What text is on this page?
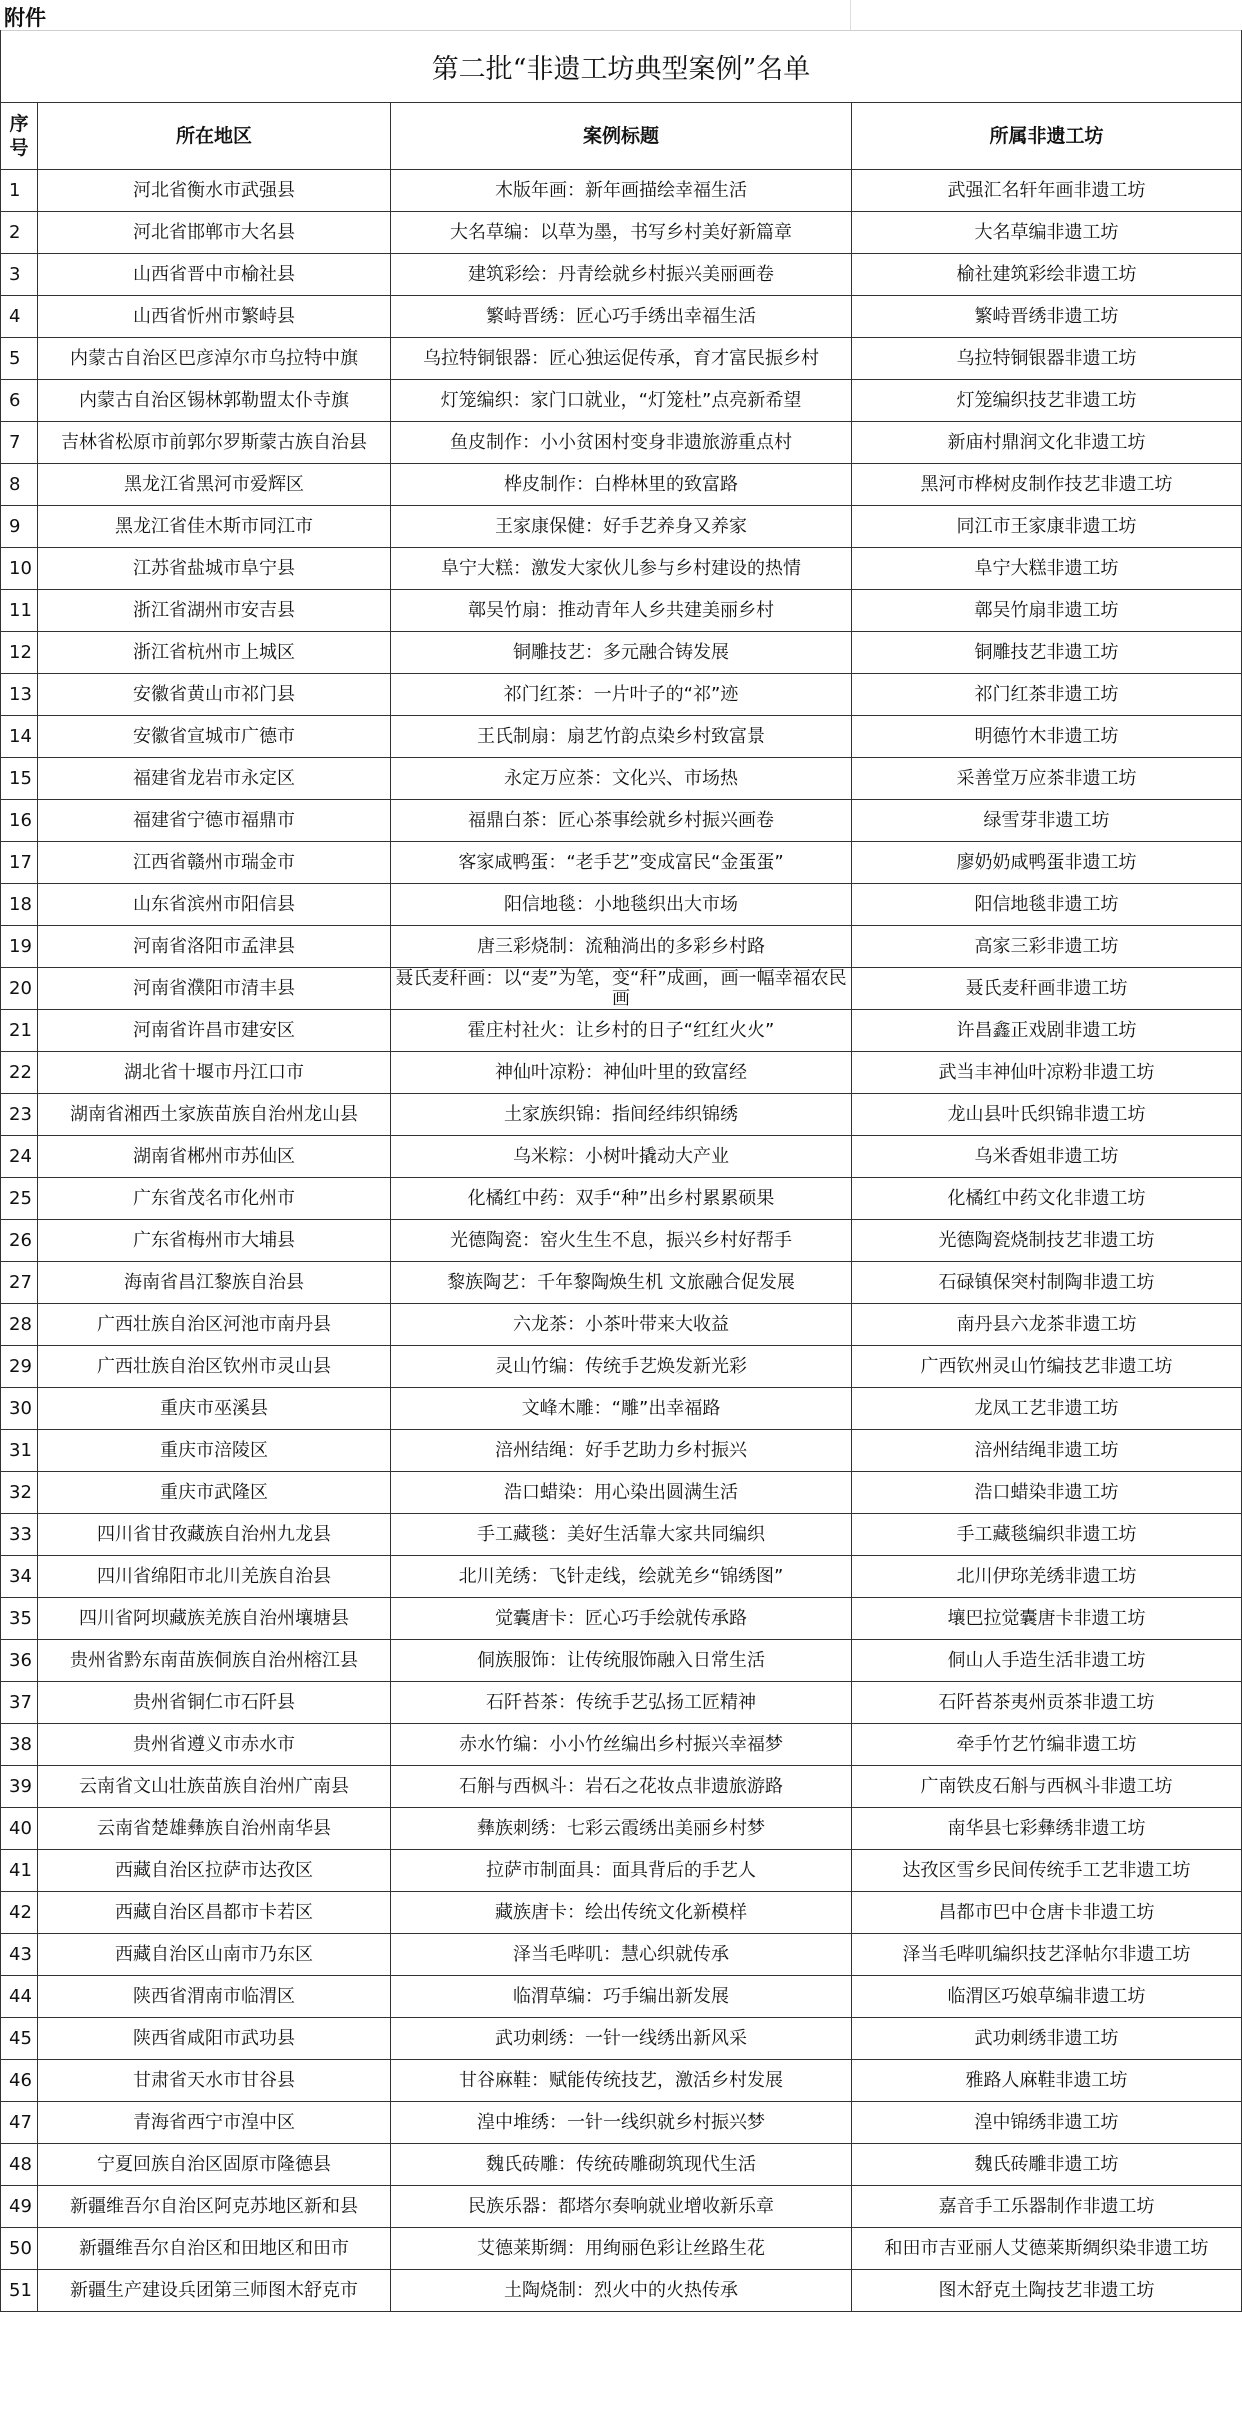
附件
第二批“非遗工坊典型案例”名单
序号	所在地区	案例标题	所属非遗工坊
1	河北省衡水市武强县	木版年画：新年画描绘幸福生活	武强汇名轩年画非遗工坊
2	河北省邯郸市大名县	大名草编：以草为墨，书写乡村美好新篇章	大名草编非遗工坊
3	山西省晋中市榆社县	建筑彩绘：丹青绘就乡村振兴美丽画卷	榆社建筑彩绘非遗工坊
4	山西省忻州市繁峙县	繁峙晋绣：匠心巧手绣出幸福生活	繁峙晋绣非遗工坊
5	内蒙古自治区巴彦淖尔市乌拉特中旗	乌拉特铜银器：匠心独运促传承，育才富民振乡村	乌拉特铜银器非遗工坊
6	内蒙古自治区锡林郭勒盟太仆寺旗	灯笼编织：家门口就业，“灯笼杜”点亮新希望	灯笼编织技艺非遗工坊
7	吉林省松原市前郭尔罗斯蒙古族自治县	鱼皮制作：小小贫困村变身非遗旅游重点村	新庙村鼎润文化非遗工坊
8	黑龙江省黑河市爱辉区	桦皮制作：白桦林里的致富路	黑河市桦树皮制作技艺非遗工坊
9	黑龙江省佳木斯市同江市	王家康保健：好手艺养身又养家	同江市王家康非遗工坊
10	江苏省盐城市阜宁县	阜宁大糕：激发大家伙儿参与乡村建设的热情	阜宁大糕非遗工坊
11	浙江省湖州市安吉县	鄣吴竹扇：推动青年人乡共建美丽乡村	鄣吴竹扇非遗工坊
12	浙江省杭州市上城区	铜雕技艺：多元融合铸发展	铜雕技艺非遗工坊
13	安徽省黄山市祁门县	祁门红茶：一片叶子的“祁”迹	祁门红茶非遗工坊
14	安徽省宣城市广德市	王氏制扇：扇艺竹韵点染乡村致富景	明德竹木非遗工坊
15	福建省龙岩市永定区	永定万应茶：文化兴、市场热	采善堂万应茶非遗工坊
16	福建省宁德市福鼎市	福鼎白茶：匠心茶事绘就乡村振兴画卷	绿雪芽非遗工坊
17	江西省赣州市瑞金市	客家咸鸭蛋：“老手艺”变成富民“金蛋蛋”	廖奶奶咸鸭蛋非遗工坊
18	山东省滨州市阳信县	阳信地毯：小地毯织出大市场	阳信地毯非遗工坊
19	河南省洛阳市孟津县	唐三彩烧制：流釉淌出的多彩乡村路	高家三彩非遗工坊
20	河南省濮阳市清丰县	聂氏麦秆画：以“麦”为笔，变“秆”成画，画一幅幸福农民画	聂氏麦秆画非遗工坊
21	河南省许昌市建安区	霍庄村社火：让乡村的日子“红红火火”	许昌鑫正戏剧非遗工坊
22	湖北省十堰市丹江口市	神仙叶凉粉：神仙叶里的致富经	武当丰神仙叶凉粉非遗工坊
23	湖南省湘西土家族苗族自治州龙山县	土家族织锦：指间经纬织锦绣	龙山县叶氏织锦非遗工坊
24	湖南省郴州市苏仙区	乌米粽：小树叶撬动大产业	乌米香姐非遗工坊
25	广东省茂名市化州市	化橘红中药：双手“种”出乡村累累硕果	化橘红中药文化非遗工坊
26	广东省梅州市大埔县	光德陶瓷：窑火生生不息，振兴乡村好帮手	光德陶瓷烧制技艺非遗工坊
27	海南省昌江黎族自治县	黎族陶艺：千年黎陶焕生机 文旅融合促发展	石碌镇保突村制陶非遗工坊
28	广西壮族自治区河池市南丹县	六龙茶：小茶叶带来大收益	南丹县六龙茶非遗工坊
29	广西壮族自治区钦州市灵山县	灵山竹编：传统手艺焕发新光彩	广西钦州灵山竹编技艺非遗工坊
30	重庆市巫溪县	文峰木雕：“雕”出幸福路	龙凤工艺非遗工坊
31	重庆市涪陵区	涪州结绳：好手艺助力乡村振兴	涪州结绳非遗工坊
32	重庆市武隆区	浩口蜡染：用心染出圆满生活	浩口蜡染非遗工坊
33	四川省甘孜藏族自治州九龙县	手工藏毯：美好生活靠大家共同编织	手工藏毯编织非遗工坊
34	四川省绵阳市北川羌族自治县	北川羌绣：飞针走线，绘就羌乡“锦绣图”	北川伊珎羌绣非遗工坊
35	四川省阿坝藏族羌族自治州壤塘县	觉囊唐卡：匠心巧手绘就传承路	壤巴拉觉囊唐卡非遗工坊
36	贵州省黔东南苗族侗族自治州榕江县	侗族服饰：让传统服饰融入日常生活	侗山人手造生活非遗工坊
37	贵州省铜仁市石阡县	石阡苔茶：传统手艺弘扬工匠精神	石阡苔茶夷州贡茶非遗工坊
38	贵州省遵义市赤水市	赤水竹编：小小竹丝编出乡村振兴幸福梦	牵手竹艺竹编非遗工坊
39	云南省文山壮族苗族自治州广南县	石斛与西枫斗：岩石之花妆点非遗旅游路	广南铁皮石斛与西枫斗非遗工坊
40	云南省楚雄彝族自治州南华县	彝族刺绣：七彩云霞绣出美丽乡村梦	南华县七彩彝绣非遗工坊
41	西藏自治区拉萨市达孜区	拉萨市制面具：面具背后的手艺人	达孜区雪乡民间传统手工艺非遗工坊
42	西藏自治区昌都市卡若区	藏族唐卡：绘出传统文化新模样	昌都市巴中仓唐卡非遗工坊
43	西藏自治区山南市乃东区	泽当毛哔叽：慧心织就传承	泽当毛哔叽编织技艺泽帖尔非遗工坊
44	陕西省渭南市临渭区	临渭草编：巧手编出新发展	临渭区巧娘草编非遗工坊
45	陕西省咸阳市武功县	武功刺绣：一针一线绣出新风采	武功刺绣非遗工坊
46	甘肃省天水市甘谷县	甘谷麻鞋：赋能传统技艺，激活乡村发展	雅路人麻鞋非遗工坊
47	青海省西宁市湟中区	湟中堆绣：一针一线织就乡村振兴梦	湟中锦绣非遗工坊
48	宁夏回族自治区固原市隆德县	魏氏砖雕：传统砖雕砌筑现代生活	魏氏砖雕非遗工坊
49	新疆维吾尔自治区阿克苏地区新和县	民族乐器：都塔尔奏响就业增收新乐章	嘉音手工乐器制作非遗工坊
50	新疆维吾尔自治区和田地区和田市	艾德莱斯绸：用绚丽色彩让丝路生花	和田市吉亚丽人艾德莱斯绸织染非遗工坊
51	新疆生产建设兵团第三师图木舒克市	土陶烧制：烈火中的火热传承	图木舒克土陶技艺非遗工坊
